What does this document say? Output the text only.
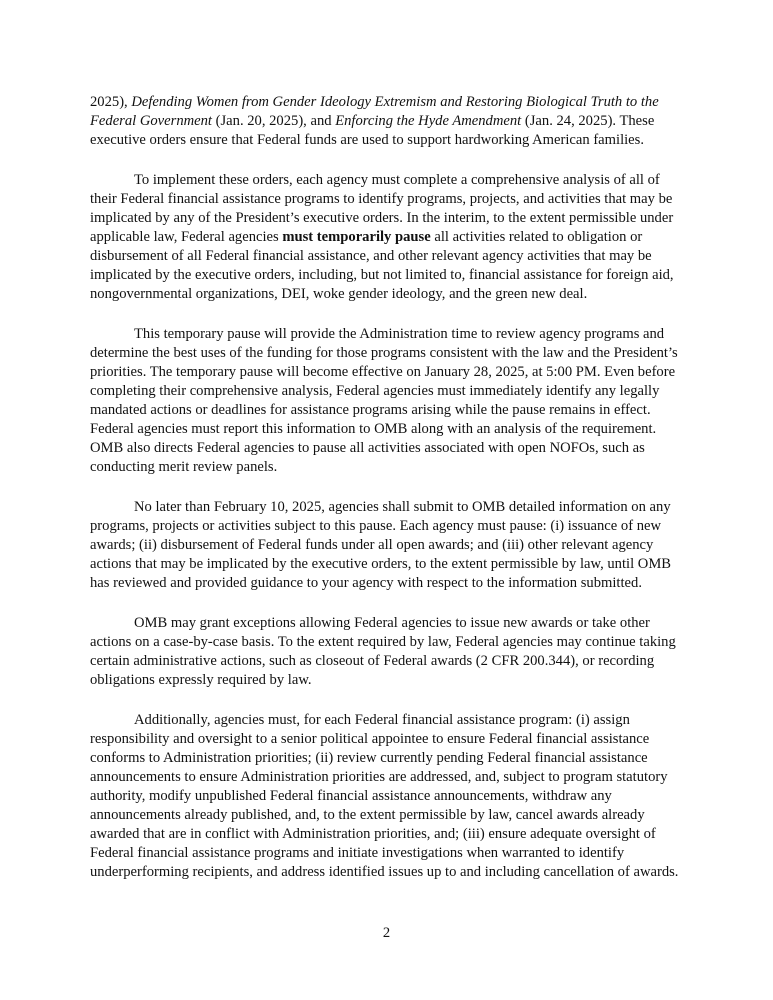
2025), Defending Women from Gender Ideology Extremism and Restoring Biological Truth to the Federal Government (Jan. 20, 2025), and Enforcing the Hyde Amendment (Jan. 24, 2025). These executive orders ensure that Federal funds are used to support hardworking American families.

To implement these orders, each agency must complete a comprehensive analysis of all of their Federal financial assistance programs to identify programs, projects, and activities that may be implicated by any of the President’s executive orders. In the interim, to the extent permissible under applicable law, Federal agencies must temporarily pause all activities related to obligation or disbursement of all Federal financial assistance, and other relevant agency activities that may be implicated by the executive orders, including, but not limited to, financial assistance for foreign aid, nongovernmental organizations, DEI, woke gender ideology, and the green new deal.

This temporary pause will provide the Administration time to review agency programs and determine the best uses of the funding for those programs consistent with the law and the President’s priorities. The temporary pause will become effective on January 28, 2025, at 5:00 PM. Even before completing their comprehensive analysis, Federal agencies must immediately identify any legally mandated actions or deadlines for assistance programs arising while the pause remains in effect. Federal agencies must report this information to OMB along with an analysis of the requirement. OMB also directs Federal agencies to pause all activities associated with open NOFOs, such as conducting merit review panels.

No later than February 10, 2025, agencies shall submit to OMB detailed information on any programs, projects or activities subject to this pause. Each agency must pause: (i) issuance of new awards; (ii) disbursement of Federal funds under all open awards; and (iii) other relevant agency actions that may be implicated by the executive orders, to the extent permissible by law, until OMB has reviewed and provided guidance to your agency with respect to the information submitted.

OMB may grant exceptions allowing Federal agencies to issue new awards or take other actions on a case-by-case basis. To the extent required by law, Federal agencies may continue taking certain administrative actions, such as closeout of Federal awards (2 CFR 200.344), or recording obligations expressly required by law.

Additionally, agencies must, for each Federal financial assistance program: (i) assign responsibility and oversight to a senior political appointee to ensure Federal financial assistance conforms to Administration priorities; (ii) review currently pending Federal financial assistance announcements to ensure Administration priorities are addressed, and, subject to program statutory authority, modify unpublished Federal financial assistance announcements, withdraw any announcements already published, and, to the extent permissible by law, cancel awards already awarded that are in conflict with Administration priorities, and; (iii) ensure adequate oversight of Federal financial assistance programs and initiate investigations when warranted to identify underperforming recipients, and address identified issues up to and including cancellation of awards.

2
